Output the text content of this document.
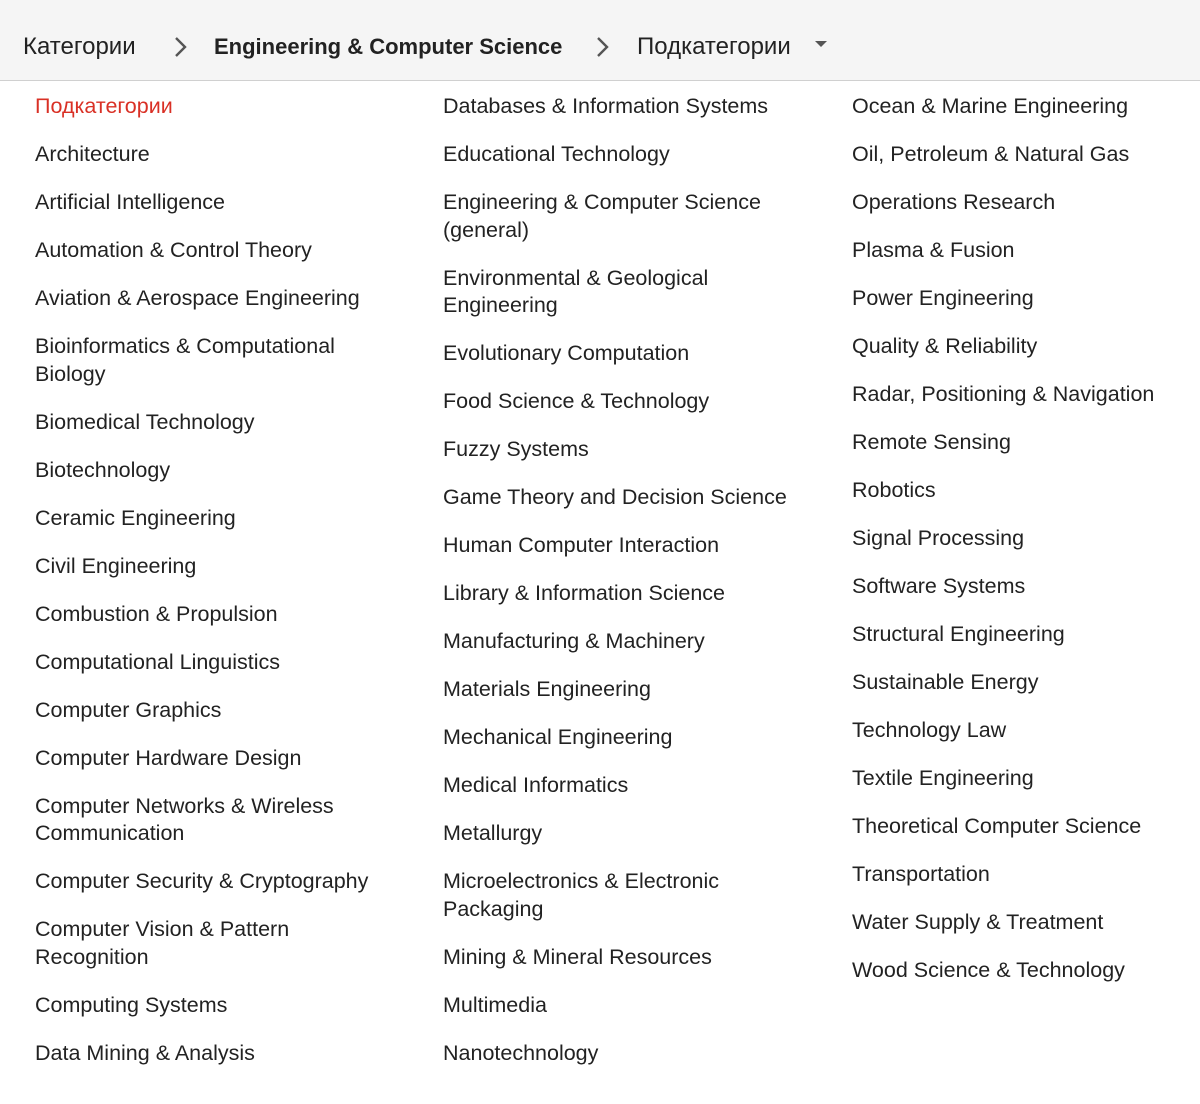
Категории	Engineering & Computer Science	Подкатегории
Подкатегории
Architecture
Artificial Intelligence
Automation & Control Theory
Aviation & Aerospace Engineering
Bioinformatics & Computational Biology
Biomedical Technology
Biotechnology
Ceramic Engineering
Civil Engineering
Combustion & Propulsion
Computational Linguistics
Computer Graphics
Computer Hardware Design
Computer Networks & Wireless Communication
Computer Security & Cryptography
Computer Vision & Pattern Recognition
Computing Systems
Data Mining & Analysis
Databases & Information Systems
Educational Technology
Engineering & Computer Science (general)
Environmental & Geological Engineering
Evolutionary Computation
Food Science & Technology
Fuzzy Systems
Game Theory and Decision Science
Human Computer Interaction
Library & Information Science
Manufacturing & Machinery
Materials Engineering
Mechanical Engineering
Medical Informatics
Metallurgy
Microelectronics & Electronic Packaging
Mining & Mineral Resources
Multimedia
Nanotechnology
Ocean & Marine Engineering
Oil, Petroleum & Natural Gas
Operations Research
Plasma & Fusion
Power Engineering
Quality & Reliability
Radar, Positioning & Navigation
Remote Sensing
Robotics
Signal Processing
Software Systems
Structural Engineering
Sustainable Energy
Technology Law
Textile Engineering
Theoretical Computer Science
Transportation
Water Supply & Treatment
Wood Science & Technology
